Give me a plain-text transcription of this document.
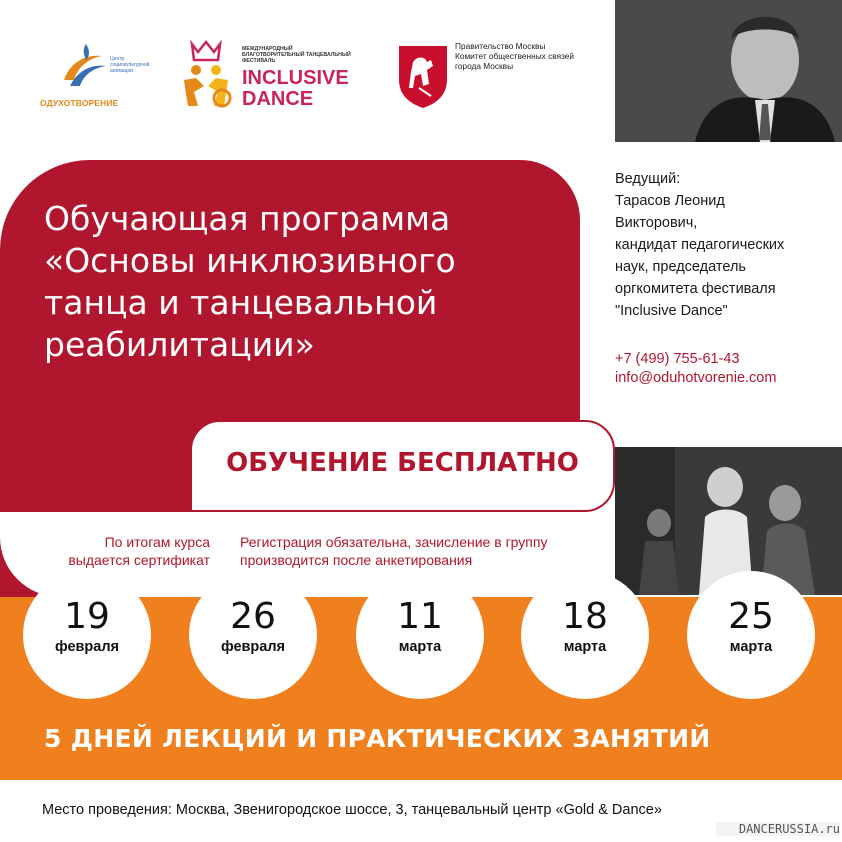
Центр социокультурной анимации
ОДУХОТВОРЕНИЕ
МЕЖДУНАРОДНЫЙ БЛАГОТВОРИТЕЛЬНЫЙ ТАНЦЕВАЛЬНЫЙ ФЕСТИВАЛЬ
INCLUSIVE
DANCE
Правительство Москвы
Комитет общественных связей
города Москвы
Обучающая программа
«Основы инклюзивного
танца и танцевальной
реабилитации»
Ведущий:
Тарасов Леонид
Викторович,
кандидат педагогических
наук, председатель
оргкомитета фестиваля
"Inclusive Dance"
+7 (499) 755-61-43
info@oduhotvorenie.com
ОБУЧЕНИЕ БЕСПЛАТНО
По итогам курса
выдается сертификат
Регистрация обязательна, зачисление в группу
производится после анкетирования
19
февраля
26
февраля
11
марта
18
марта
25
марта
5 ДНЕЙ ЛЕКЦИЙ И ПРАКТИЧЕСКИХ ЗАНЯТИЙ
Место проведения: Москва, Звенигородское шоссе, 3, танцевальный центр «Gold & Dance»
DANCERUSSIA.ru
